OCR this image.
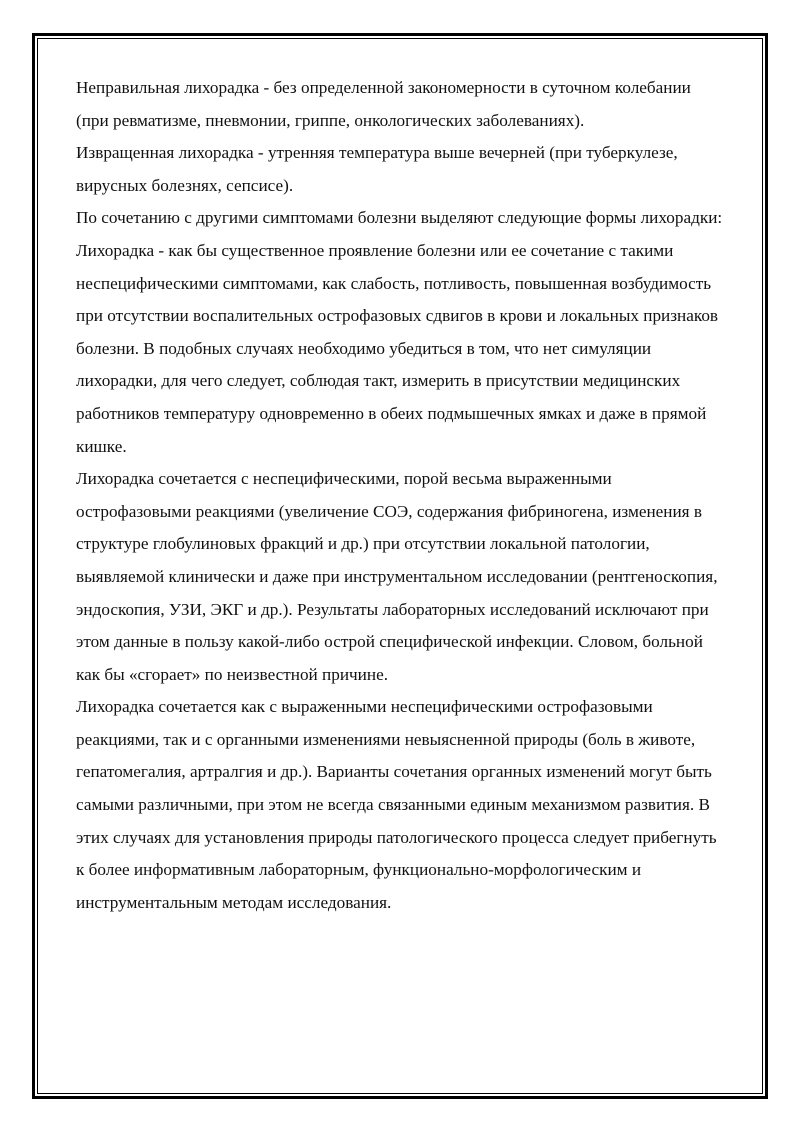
Неправильная лихорадка - без определенной закономерности в суточном колебании (при ревматизме, пневмонии, гриппе, онкологических заболеваниях).

Извращенная лихорадка - утренняя температура выше вечерней (при туберкулезе, вирусных болезнях, сепсисе).

По сочетанию с другими симптомами болезни выделяют следующие формы лихорадки:

Лихорадка - как бы существенное проявление болезни или ее сочетание с такими неспецифическими симптомами, как слабость, потливость, повышенная возбудимость при отсутствии воспалительных острофазовых сдвигов в крови и локальных признаков болезни. В подобных случаях необходимо убедиться в том, что нет симуляции лихорадки, для чего следует, соблюдая такт, измерить в присутствии медицинских работников температуру одновременно в обеих подмышечных ямках и даже в прямой кишке.

Лихорадка сочетается с неспецифическими, порой весьма выраженными острофазовыми реакциями (увеличение СОЭ, содержания фибриногена, изменения в структуре глобулиновых фракций и др.) при отсутствии локальной патологии, выявляемой клинически и даже при инструментальном исследовании (рентгеноскопия, эндоскопия, УЗИ, ЭКГ и др.). Результаты лабораторных исследований исключают при этом данные в пользу какой-либо острой специфической инфекции. Словом, больной как бы «сгорает» по неизвестной причине.

Лихорадка сочетается как с выраженными неспецифическими острофазовыми реакциями, так и с органными изменениями невыясненной природы (боль в животе, гепатомегалия, артралгия и др.). Варианты сочетания органных изменений могут быть самыми различными, при этом не всегда связанными единым механизмом развития. В этих случаях для установления природы патологического процесса следует прибегнуть к более информативным лабораторным, функционально-морфологическим и инструментальным методам исследования.
